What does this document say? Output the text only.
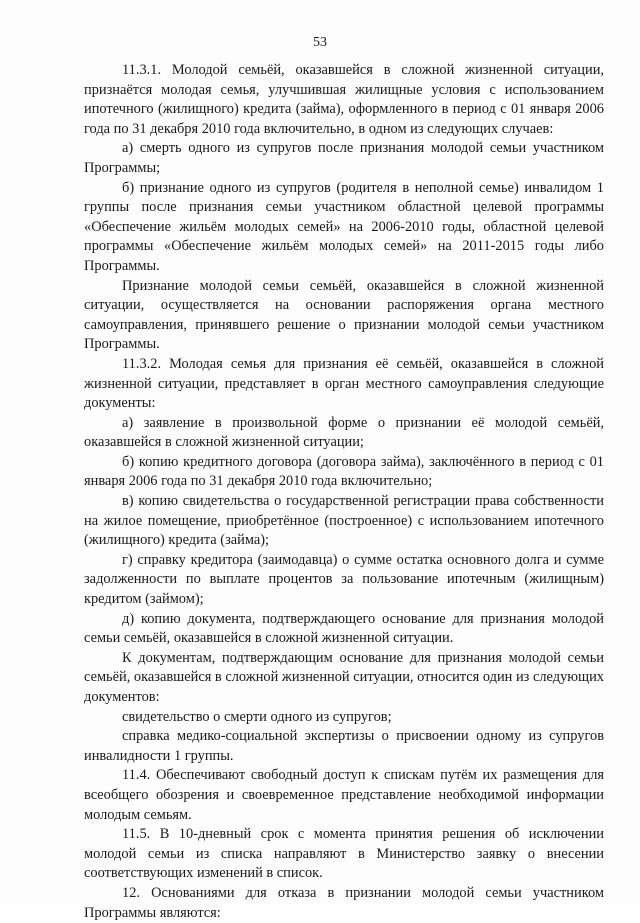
53

11.3.1. Молодой семьёй, оказавшейся в сложной жизненной ситуации, признаётся молодая семья, улучшившая жилищные условия с использованием ипотечного (жилищного) кредита (займа), оформленного в период с 01 января 2006 года по 31 декабря 2010 года включительно, в одном из следующих случаев:

а) смерть одного из супругов после признания молодой семьи участником Программы;

б) признание одного из супругов (родителя в неполной семье) инвалидом 1 группы после признания семьи участником областной целевой программы «Обеспечение жильём молодых семей» на 2006-2010 годы, областной целевой программы «Обеспечение жильём молодых семей» на 2011-2015 годы либо Программы.

Признание молодой семьи семьёй, оказавшейся в сложной жизненной ситуации, осуществляется на основании распоряжения органа местного самоуправления, принявшего решение о признании молодой семьи участником Программы.

11.3.2. Молодая семья для признания её семьёй, оказавшейся в сложной жизненной ситуации, представляет в орган местного самоуправления следующие документы:

а) заявление в произвольной форме о признании её молодой семьёй, оказавшейся в сложной жизненной ситуации;

б) копию кредитного договора (договора займа), заключённого в период с 01 января 2006 года по 31 декабря 2010 года включительно;

в) копию свидетельства о государственной регистрации права собственности на жилое помещение, приобретённое (построенное) с использованием ипотечного (жилищного) кредита (займа);

г) справку кредитора (заимодавца) о сумме остатка основного долга и сумме задолженности по выплате процентов за пользование ипотечным (жилищным) кредитом (займом);

д) копию документа, подтверждающего основание для признания молодой семьи семьёй, оказавшейся в сложной жизненной ситуации.

К документам, подтверждающим основание для признания молодой семьи семьёй, оказавшейся в сложной жизненной ситуации, относится один из следующих документов:

свидетельство о смерти одного из супругов;

справка медико-социальной экспертизы о присвоении одному из супругов инвалидности 1 группы.

11.4. Обеспечивают свободный доступ к спискам путём их размещения для всеобщего обозрения и своевременное представление необходимой информации молодым семьям.

11.5. В 10-дневный срок с момента принятия решения об исключении молодой семьи из списка направляют в Министерство заявку о внесении соответствующих изменений в список.

12. Основаниями для отказа в признании молодой семьи участником Программы являются:
